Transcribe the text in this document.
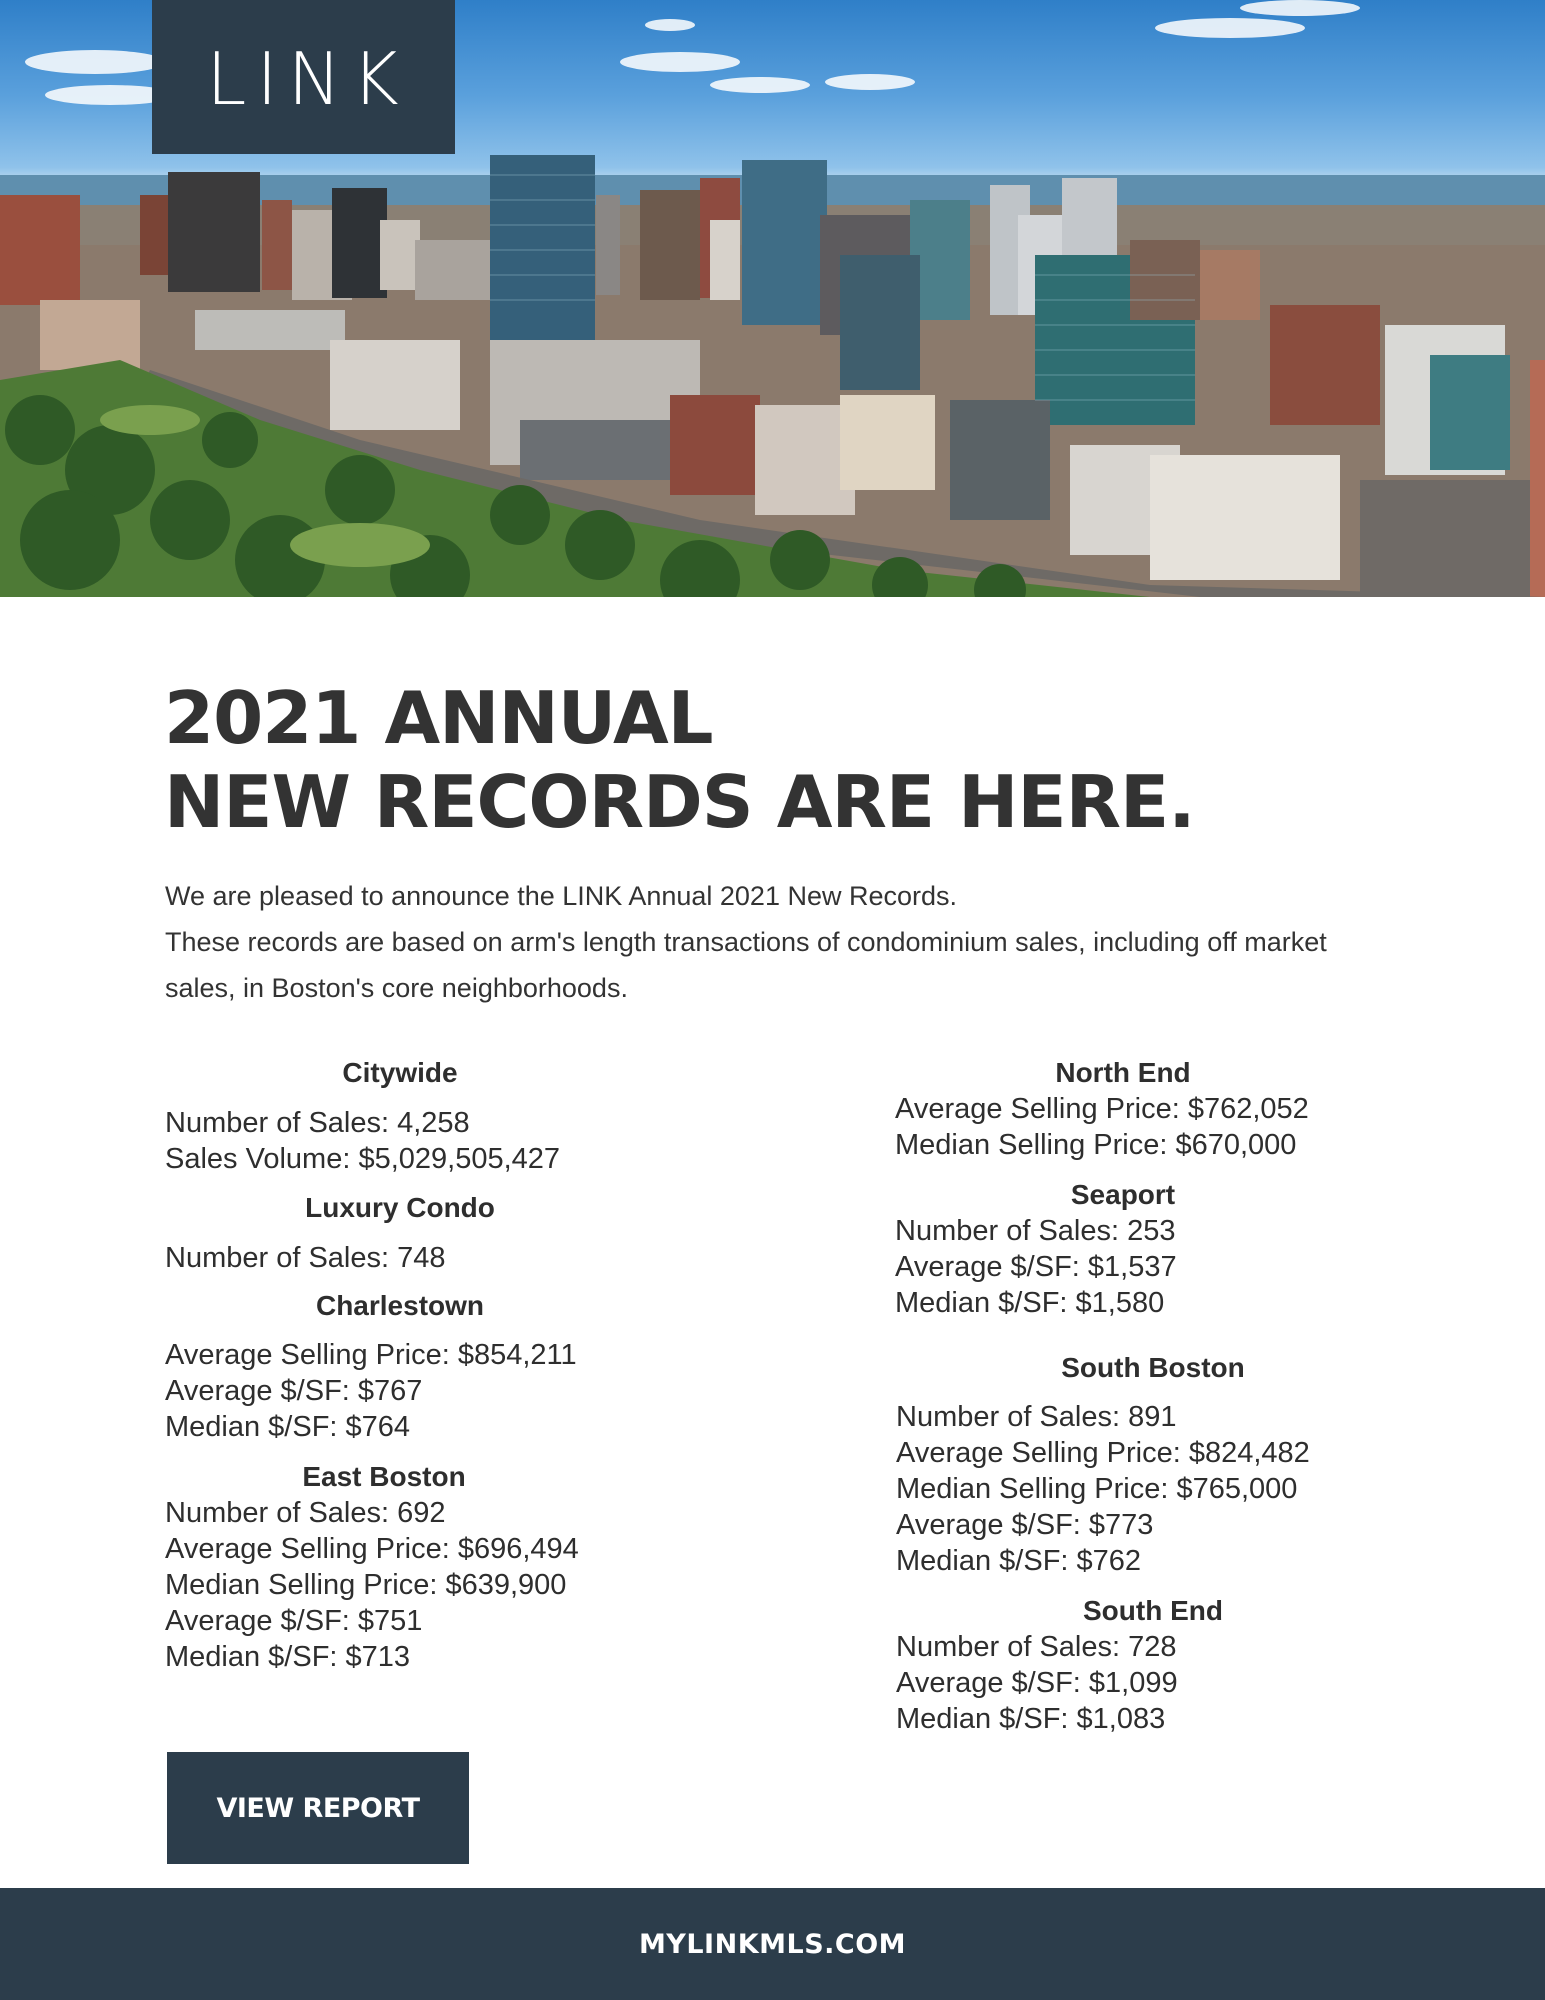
LINK
2021 ANNUAL
NEW RECORDS ARE HERE.

We are pleased to announce the LINK Annual 2021 New Records.

These records are based on arm's length transactions of condominium sales, including off market sales, in Boston's core neighborhoods.

Citywide
Number of Sales: 4,258
Sales Volume: $5,029,505,427
Luxury Condo
Number of Sales: 748
Charlestown
Average Selling Price: $854,211
Average $/SF: $767
Median $/SF: $764
East Boston
Number of Sales: 692
Average Selling Price: $696,494
Median Selling Price: $639,900
Average $/SF: $751
Median $/SF: $713
North End
Average Selling Price: $762,052
Median Selling Price: $670,000
Seaport
Number of Sales: 253
Average $/SF: $1,537
Median $/SF: $1,580
South Boston
Number of Sales: 891
Average Selling Price: $824,482
Median Selling Price: $765,000
Average $/SF: $773
Median $/SF: $762
South End
Number of Sales: 728
Average $/SF: $1,099
Median $/SF: $1,083
VIEW REPORT
MYLINKMLS.COM
